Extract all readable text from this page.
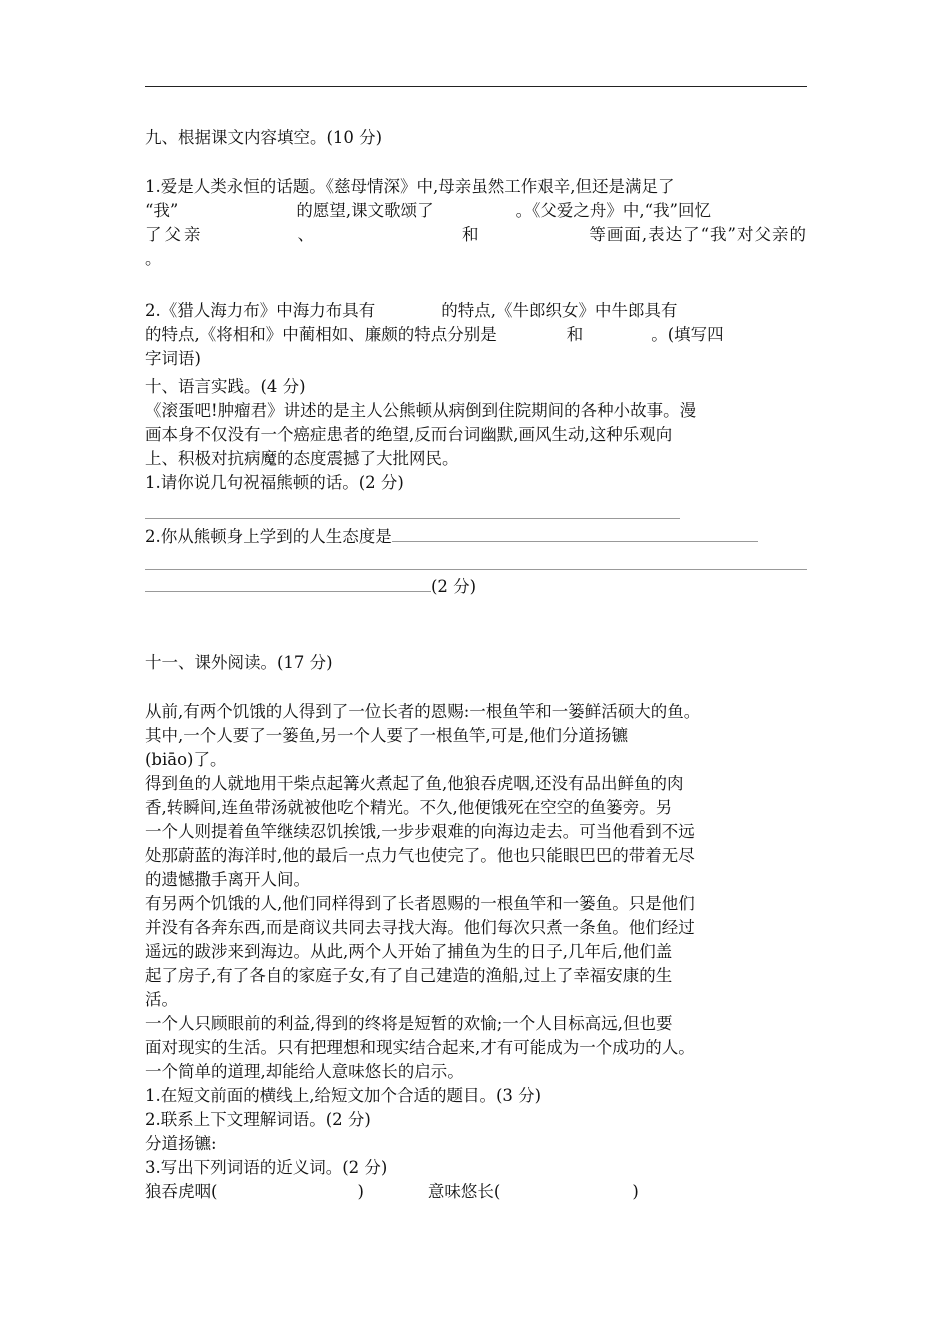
九、根据课文内容填空。(10 分)
1.爱是人类永恒的话题。《慈母情深》中,母亲虽然工作艰辛,但还是满足了
“我”	的愿望,课文歌颂了	。《父爱之舟》中,“我”回忆
了父亲	、	和	等画面,表达了“我”对父亲的
。
2.《猎人海力布》中海力布具有	的特点,《牛郎织女》中牛郎具有
的特点,《将相和》中蔺相如、廉颇的特点分别是	和	。(填写四
字词语)
十、语言实践。(4 分)
《滚蛋吧!肿瘤君》讲述的是主人公熊顿从病倒到住院期间的各种小故事。漫
画本身不仅没有一个癌症患者的绝望,反而台词幽默,画风生动,这种乐观向
上、积极对抗病魔的态度震撼了大批网民。
1.请你说几句祝福熊顿的话。(2 分)
2.你从熊顿身上学到的人生态度是
(2 分)
十一、课外阅读。(17 分)
从前,有两个饥饿的人得到了一位长者的恩赐:一根鱼竿和一篓鲜活硕大的鱼。
其中,一个人要了一篓鱼,另一个人要了一根鱼竿,可是,他们分道扬镳
(biāo)了。
得到鱼的人就地用干柴点起篝火煮起了鱼,他狼吞虎咽,还没有品出鲜鱼的肉
香,转瞬间,连鱼带汤就被他吃个精光。不久,他便饿死在空空的鱼篓旁。另
一个人则提着鱼竿继续忍饥挨饿,一步步艰难的向海边走去。可当他看到不远
处那蔚蓝的海洋时,他的最后一点力气也使完了。他也只能眼巴巴的带着无尽
的遗憾撒手离开人间。
有另两个饥饿的人,他们同样得到了长者恩赐的一根鱼竿和一篓鱼。只是他们
并没有各奔东西,而是商议共同去寻找大海。他们每次只煮一条鱼。他们经过
遥远的跋涉来到海边。从此,两个人开始了捕鱼为生的日子,几年后,他们盖
起了房子,有了各自的家庭子女,有了自己建造的渔船,过上了幸福安康的生
活。
一个人只顾眼前的利益,得到的终将是短暂的欢愉;一个人目标高远,但也要
面对现实的生活。只有把理想和现实结合起来,才有可能成为一个成功的人。
一个简单的道理,却能给人意味悠长的启示。
1.在短文前面的横线上,给短文加个合适的题目。(3 分)
2.联系上下文理解词语。(2 分)
分道扬镳:
3.写出下列词语的近义词。(2 分)
狼吞虎咽(	)	意味悠长(	)
